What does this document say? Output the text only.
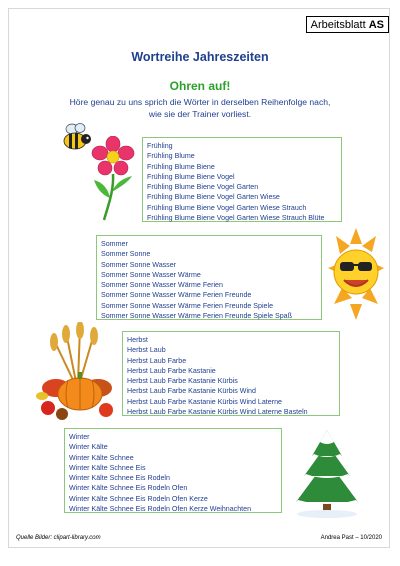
Arbeitsblatt AS
Wortreihe Jahreszeiten
Ohren auf!
Höre genau zu uns sprich die Wörter in derselben Reihenfolge nach,
wie sie der Trainer vorliest.
Frühling
Frühling Blume
Frühling Blume Biene
Frühling Blume Biene Vogel
Frühling Blume Biene Vogel Garten
Frühling Blume Biene Vogel Garten Wiese
Frühling Blume Biene Vogel Garten Wiese Strauch
Frühling Blume Biene Vogel Garten Wiese Strauch Blüte
Sommer
Sommer Sonne
Sommer Sonne Wasser
Sommer Sonne Wasser Wärme
Sommer Sonne Wasser Wärme Ferien
Sommer Sonne Wasser Wärme Ferien Freunde
Sommer Sonne Wasser Wärme Ferien Freunde Spiele
Sommer Sonne Wasser Wärme Ferien Freunde Spiele Spaß
Herbst
Herbst Laub
Herbst Laub Farbe
Herbst Laub Farbe Kastanie
Herbst Laub Farbe Kastanie Kürbis
Herbst Laub Farbe Kastanie Kürbis Wind
Herbst Laub Farbe Kastanie Kürbis Wind Laterne
Herbst Laub Farbe Kastanie Kürbis Wind Laterne Basteln
Winter
Winter Kälte
Winter Kälte Schnee
Winter Kälte Schnee Eis
Winter Kälte Schnee Eis Rodeln
Winter Kälte Schnee Eis Rodeln Ofen
Winter Kälte Schnee Eis Rodeln Ofen Kerze
Winter Kälte Schnee Eis Rodeln Ofen Kerze Weihnachten
Quelle Bilder: clipart-library.com	Andrea Past – 10/2020
